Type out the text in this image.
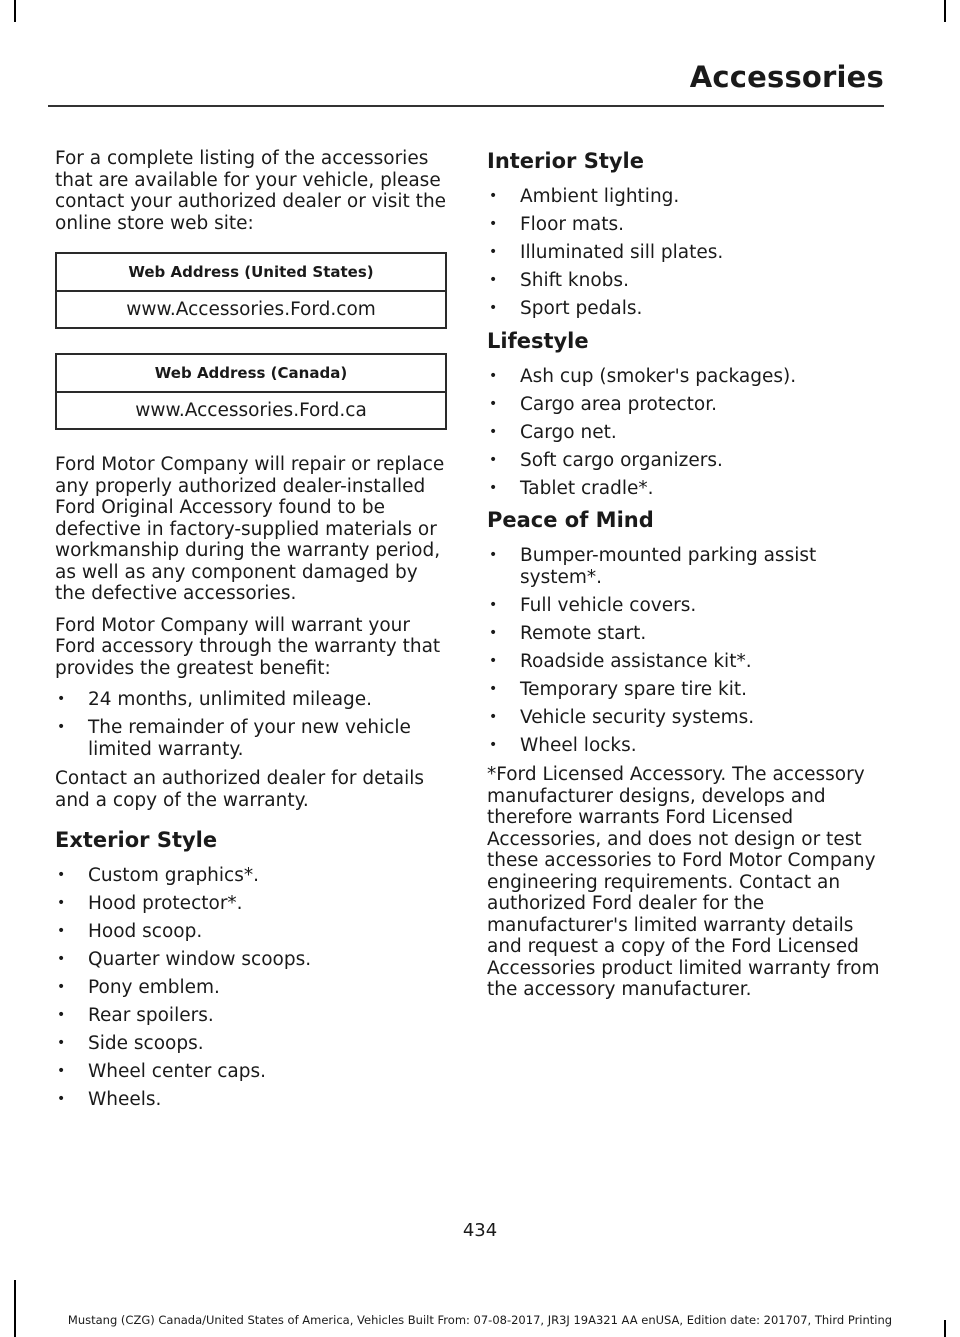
Accessories

For a complete listing of the accessories that are available for your vehicle, please contact your authorized dealer or visit the online store web site:

Web Address (United States)
www.Accessories.Ford.com
Web Address (Canada)
www.Accessories.Ford.ca

Ford Motor Company will repair or replace any properly authorized dealer-installed Ford Original Accessory found to be defective in factory-supplied materials or workmanship during the warranty period, as well as any component damaged by the defective accessories.

Ford Motor Company will warrant your Ford accessory through the warranty that provides the greatest benefit:

• 24 months, unlimited mileage.
• The remainder of your new vehicle limited warranty.

Contact an authorized dealer for details and a copy of the warranty.

Exterior Style
• Custom graphics*.
• Hood protector*.
• Hood scoop.
• Quarter window scoops.
• Pony emblem.
• Rear spoilers.
• Side scoops.
• Wheel center caps.
• Wheels.
Interior Style
• Ambient lighting.
• Floor mats.
• Illuminated sill plates.
• Shift knobs.
• Sport pedals.
Lifestyle
• Ash cup (smoker's packages).
• Cargo area protector.
• Cargo net.
• Soft cargo organizers.
• Tablet cradle*.
Peace of Mind
• Bumper-mounted parking assist system*.
• Full vehicle covers.
• Remote start.
• Roadside assistance kit*.
• Temporary spare tire kit.
• Vehicle security systems.
• Wheel locks.

*Ford Licensed Accessory. The accessory manufacturer designs, develops and therefore warrants Ford Licensed Accessories, and does not design or test these accessories to Ford Motor Company engineering requirements. Contact an authorized Ford dealer for the manufacturer's limited warranty details and request a copy of the Ford Licensed Accessories product limited warranty from the accessory manufacturer.

434
Mustang (CZG) Canada/United States of America, Vehicles Built From: 07-08-2017, JR3J 19A321 AA enUSA, Edition date: 201707, Third Printing
